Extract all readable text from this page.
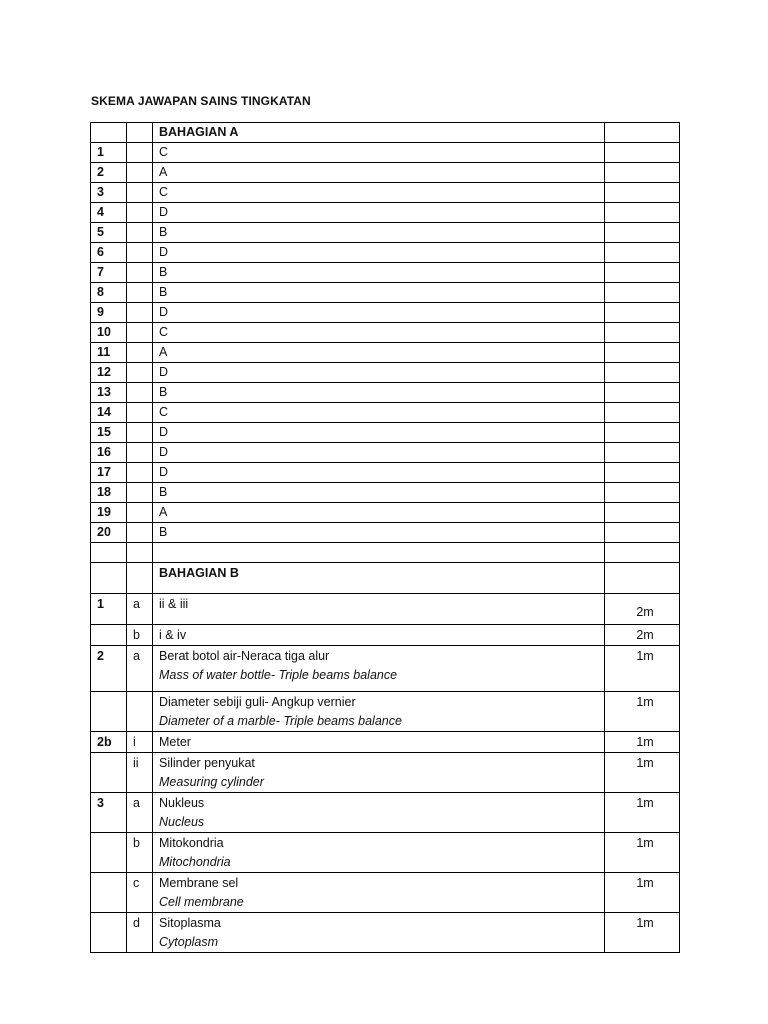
SKEMA JAWAPAN SAINS TINGKATAN
		BAHAGIAN A	
1		C	
2		A	
3		C	
4		D	
5		B	
6		D	
7		B	
8		B	
9		D	
10		C	
11		A	
12		D	
13		B	
14		C	
15		D	
16		D	
17		D	
18		B	
19		A	
20		B	

		BAHAGIAN B	
1	a	ii & iii	2m
	b	i & iv	2m
2	a	Berat botol air-Neraca tiga alur
Mass of water bottle- Triple beams balance	1m

		Diameter sebiji guli- Angkup vernier
Diameter of a marble- Triple beams balance	1m
2b	i	Meter	1m
	ii	Silinder penyukat
Measuring cylinder	1m
3	a	Nukleus
Nucleus	1m
	b	Mitokondria
Mitochondria	1m
	c	Membrane sel
Cell membrane	1m
	d	Sitoplasma
Cytoplasm	1m
